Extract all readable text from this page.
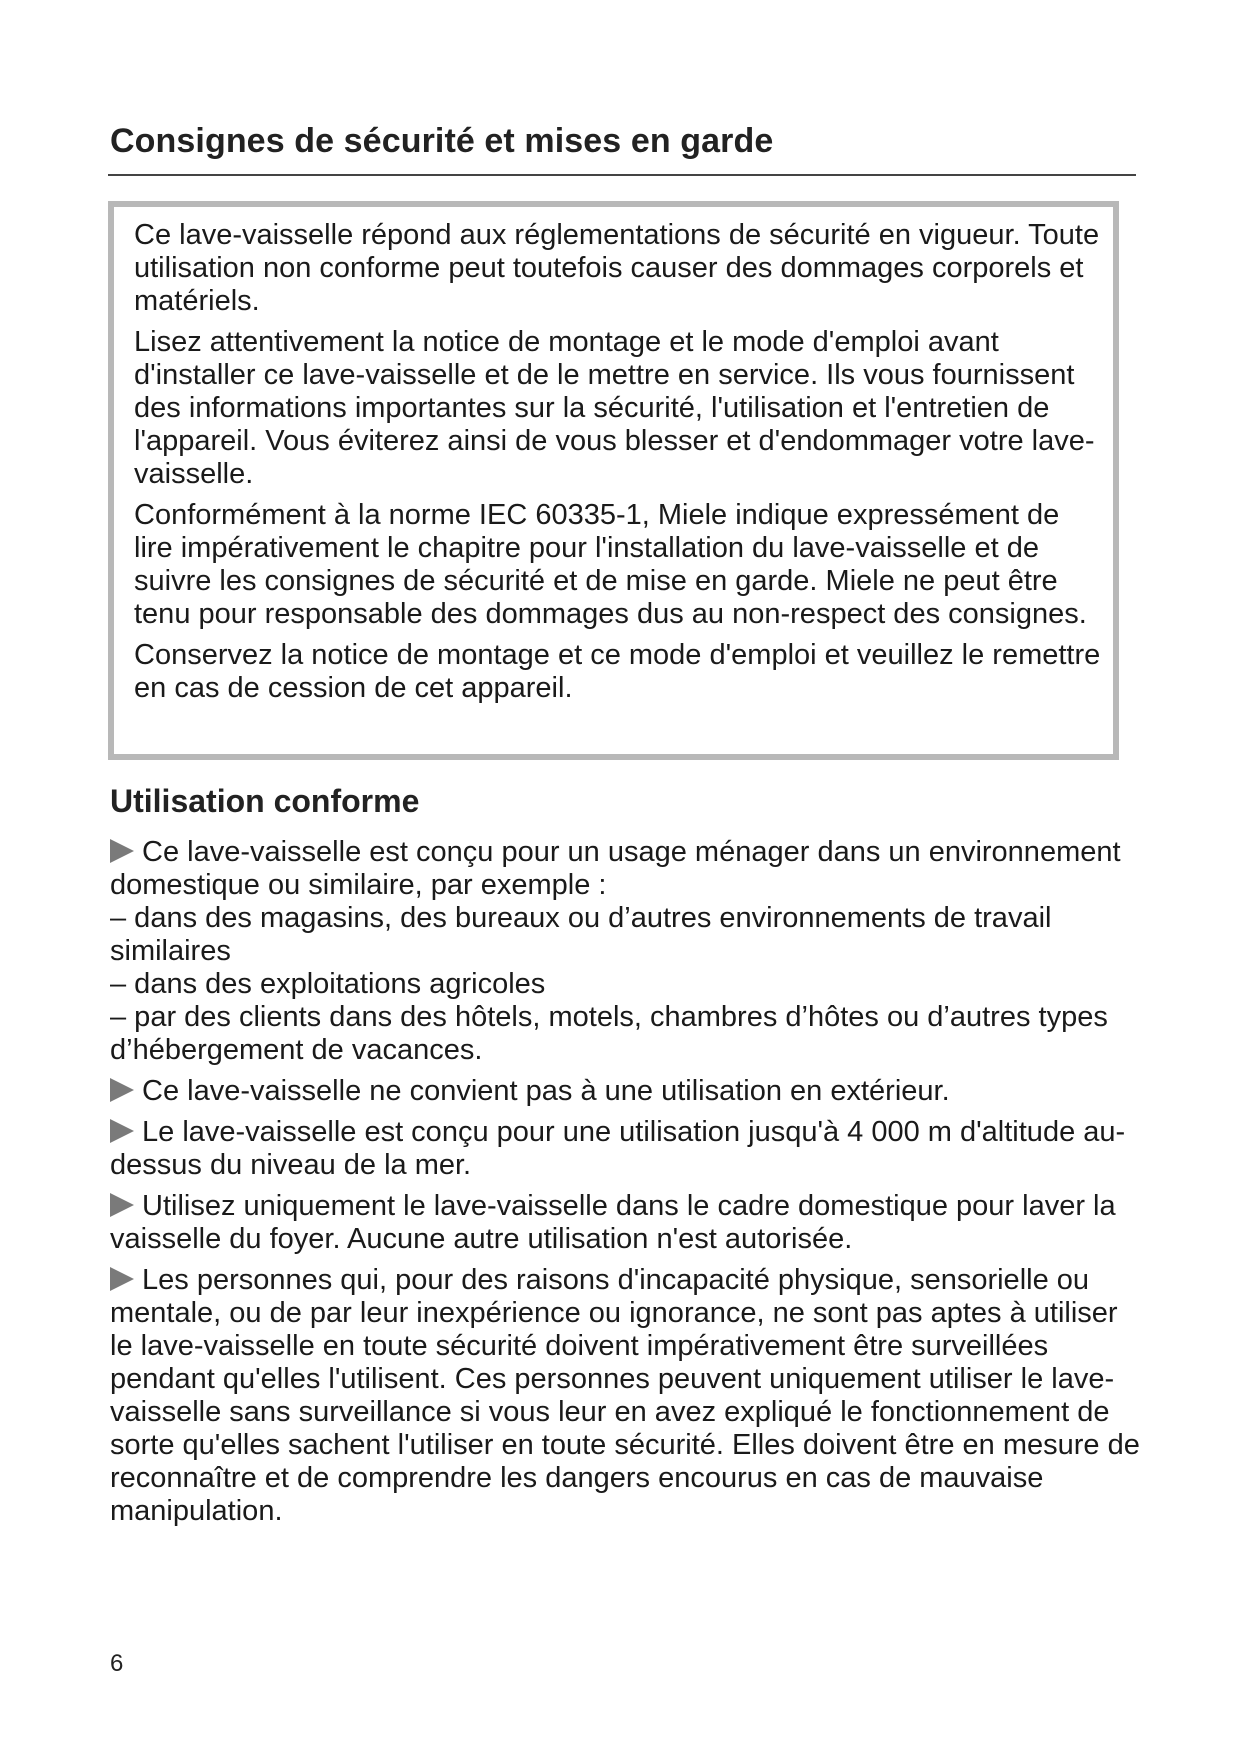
Consignes de sécurité et mises en garde

Ce lave-vaisselle répond aux réglementations de sécurité en vigueur. Toute utilisation non conforme peut toutefois causer des dommages corporels et matériels.

Lisez attentivement la notice de montage et le mode d'emploi avant d'installer ce lave-vaisselle et de le mettre en service. Ils vous fournissent des informations importantes sur la sécurité, l'utilisation et l'entretien de l'appareil. Vous éviterez ainsi de vous blesser et d'endommager votre lave-vaisselle.

Conformément à la norme IEC 60335-1, Miele indique expressément de lire impérativement le chapitre pour l'installation du lave-vaisselle et de suivre les consignes de sécurité et de mise en garde. Miele ne peut être tenu pour responsable des dommages dus au non-respect des consignes.

Conservez la notice de montage et ce mode d'emploi et veuillez le remettre en cas de cession de cet appareil.

Utilisation conforme
Ce lave-vaisselle est conçu pour un usage ménager dans un environnement domestique ou similaire, par exemple :
– dans des magasins, des bureaux ou d’autres environnements de travail similaires
– dans des exploitations agricoles
– par des clients dans des hôtels, motels, chambres d’hôtes ou d’autres types d’hébergement de vacances.
Ce lave-vaisselle ne convient pas à une utilisation en extérieur.
Le lave-vaisselle est conçu pour une utilisation jusqu'à 4 000 m d'altitude au-dessus du niveau de la mer.
Utilisez uniquement le lave-vaisselle dans le cadre domestique pour laver la vaisselle du foyer. Aucune autre utilisation n'est autorisée.
Les personnes qui, pour des raisons d'incapacité physique, sensorielle ou mentale, ou de par leur inexpérience ou ignorance, ne sont pas aptes à utiliser le lave-vaisselle en toute sécurité doivent impérativement être surveillées pendant qu'elles l'utilisent. Ces personnes peuvent uniquement utiliser le lave-vaisselle sans surveillance si vous leur en avez expliqué le fonctionnement de sorte qu'elles sachent l'utiliser en toute sécurité. Elles doivent être en mesure de reconnaître et de comprendre les dangers encourus en cas de mauvaise manipulation.
6
